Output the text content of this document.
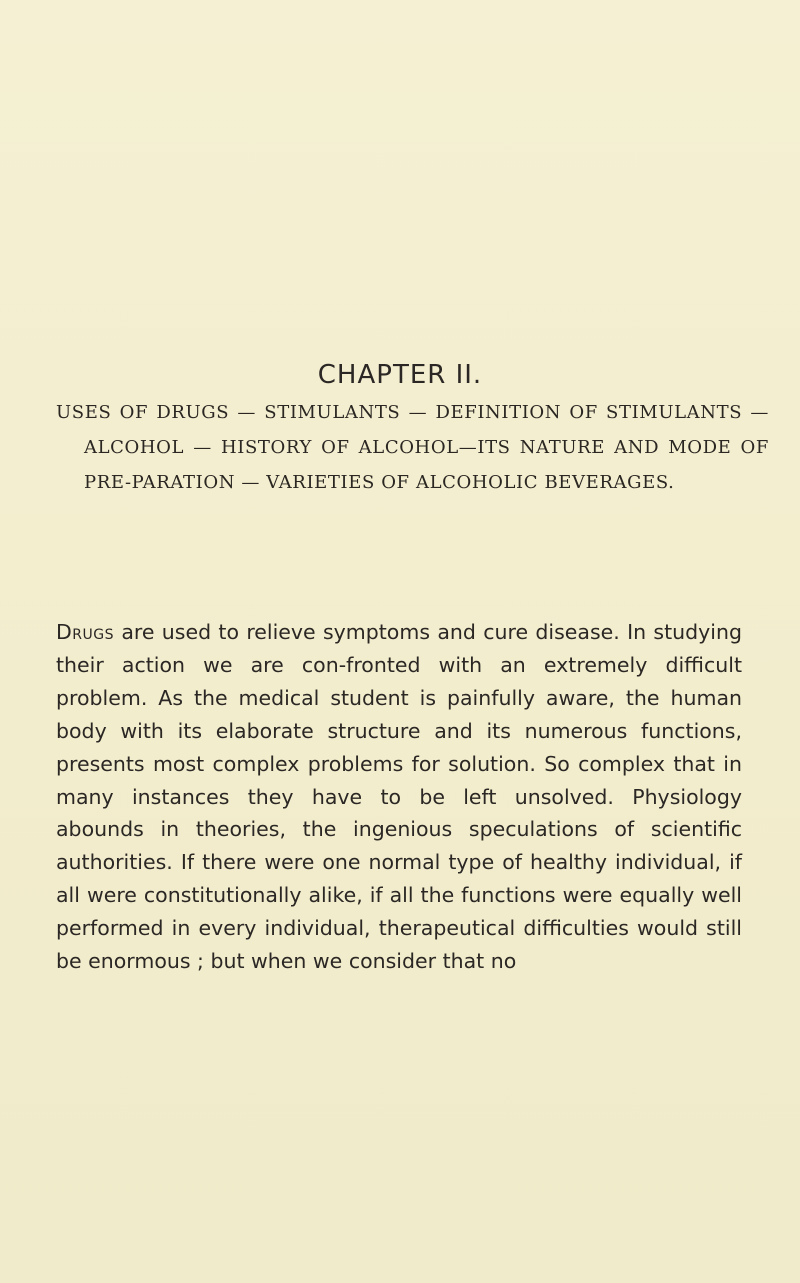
CHAPTER II.
USES OF DRUGS — STIMULANTS — DEFINITION OF STIMULANTS — ALCOHOL — HISTORY OF ALCOHOL—ITS NATURE AND MODE OF PRE-PARATION — VARIETIES OF ALCOHOLIC BEVERAGES.
Drugs are used to relieve symptoms and cure disease. In studying their action we are con-fronted with an extremely difficult problem. As the medical student is painfully aware, the human body with its elaborate structure and its numerous functions, presents most complex problems for solution. So complex that in many instances they have to be left unsolved. Physiology abounds in theories, the ingenious speculations of scientific authorities. If there were one normal type of healthy individual, if all were constitutionally alike, if all the functions were equally well performed in every individual, therapeutical difficulties would still be enormous ; but when we consider that no
